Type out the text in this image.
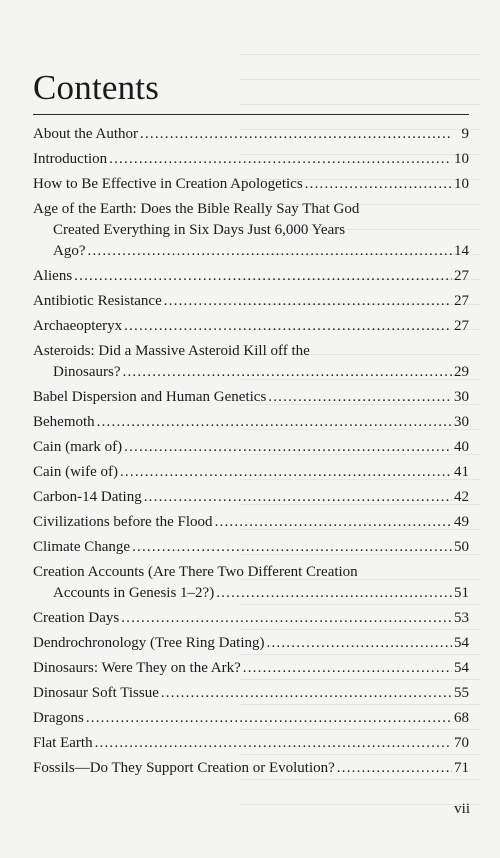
Contents
About the Author .....	9
Introduction .....	10
How to Be Effective in Creation Apologetics .....	10
Age of the Earth: Does the Bible Really Say That God
Created Everything in Six Days Just 6,000 Years
Ago? .....	14
Aliens .....	27
Antibiotic Resistance .....	27
Archaeopteryx .....	27
Asteroids: Did a Massive Asteroid Kill off the
Dinosaurs? .....	29
Babel Dispersion and Human Genetics .....	30
Behemoth .....	30
Cain (mark of) .....	40
Cain (wife of) .....	41
Carbon-14 Dating .....	42
Civilizations before the Flood .....	49
Climate Change .....	50
Creation Accounts (Are There Two Different Creation
Accounts in Genesis 1–2?) .....	51
Creation Days .....	53
Dendrochronology (Tree Ring Dating) .....	54
Dinosaurs: Were They on the Ark? .....	54
Dinosaur Soft Tissue .....	55
Dragons .....	68
Flat Earth .....	70
Fossils—Do They Support Creation or Evolution? .....	71
vii
